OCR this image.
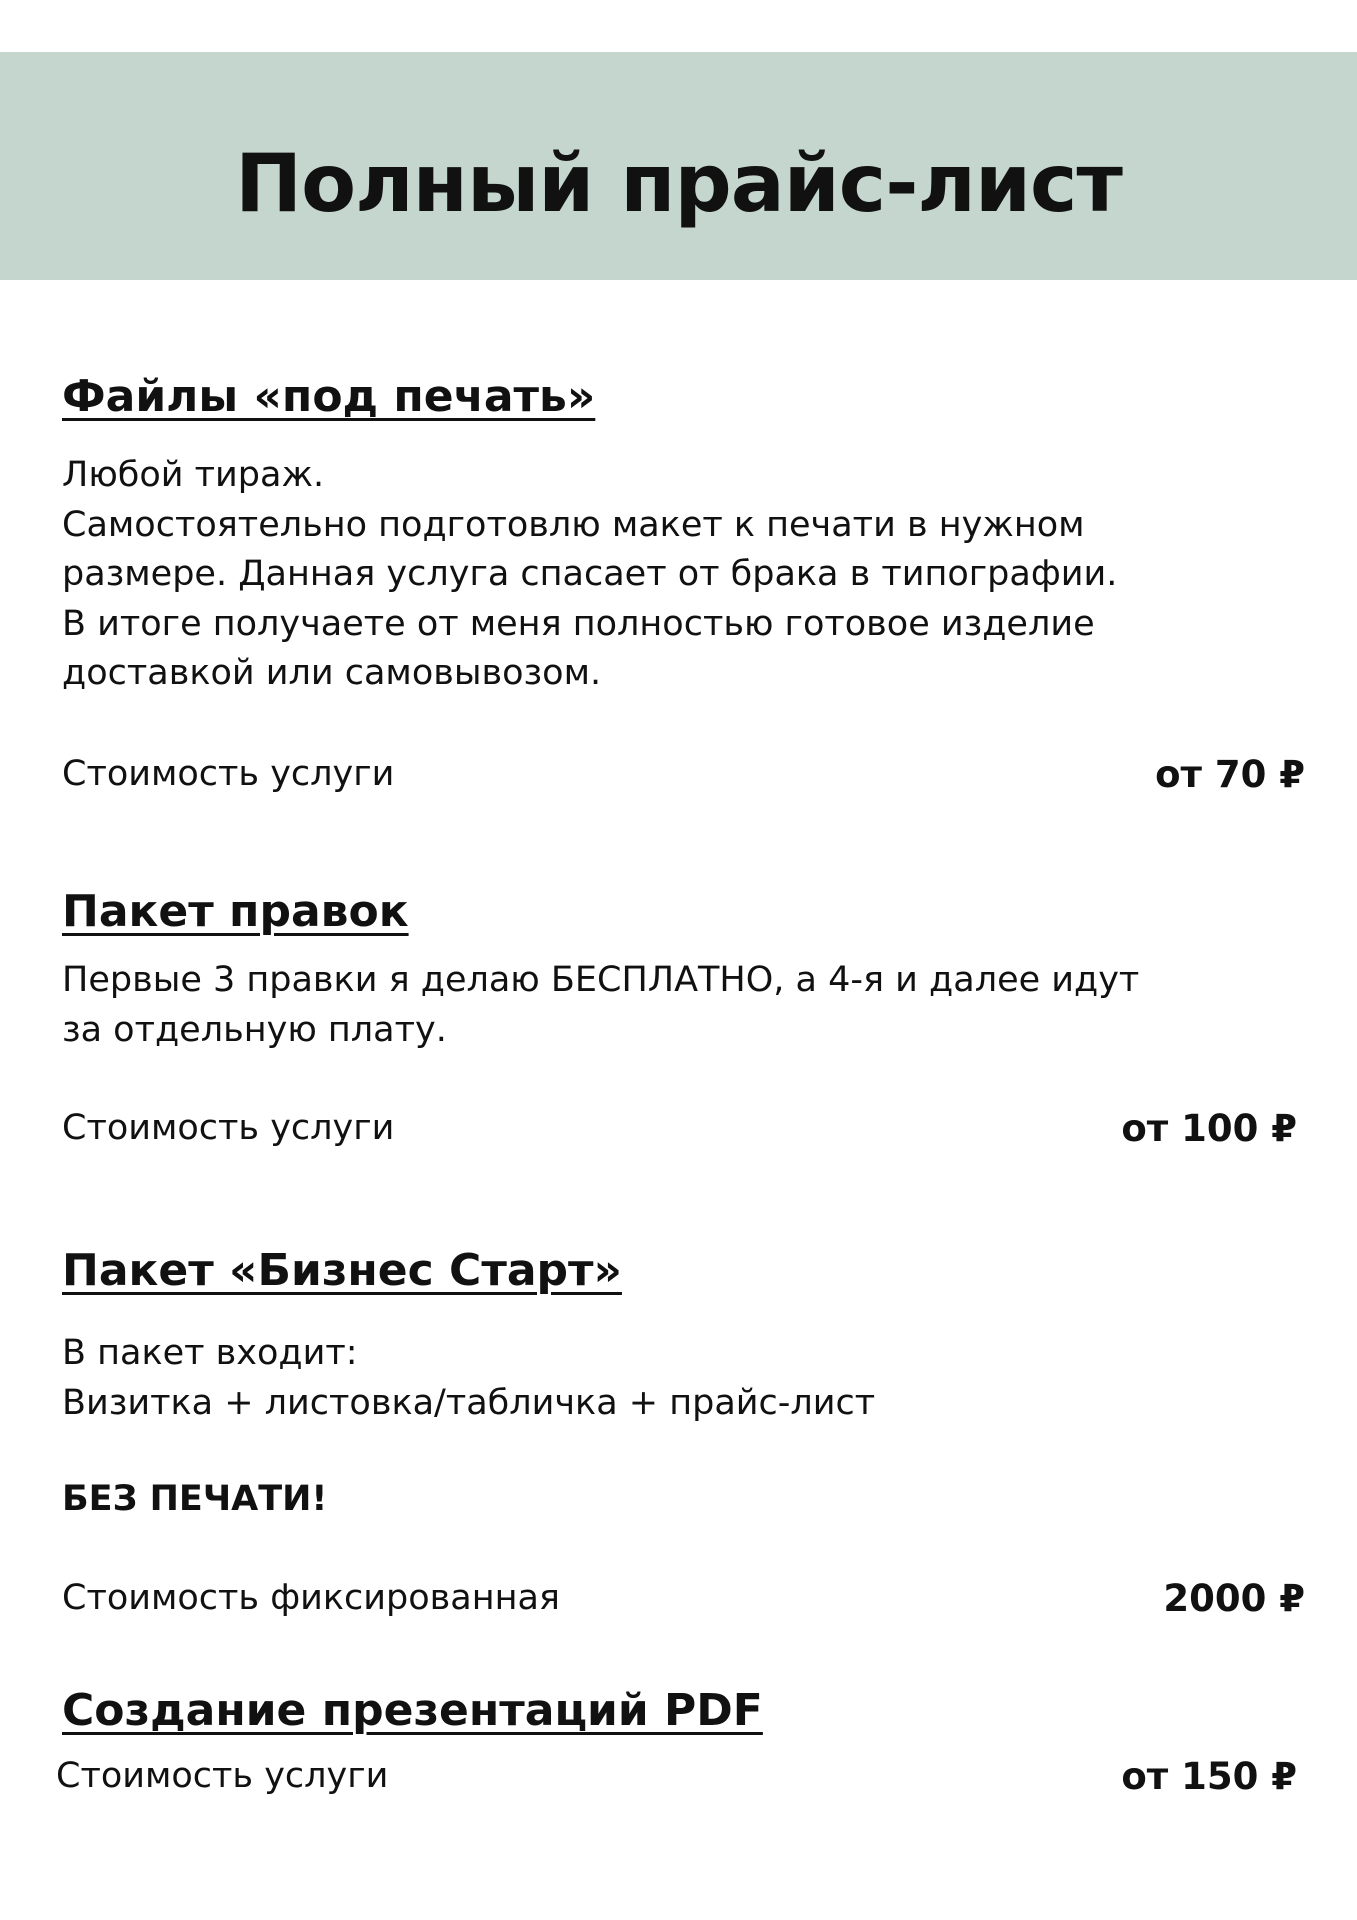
Полный прайс-лист
Файлы «под печать»
Любой тираж.
Самостоятельно подготовлю макет к печати в нужном
размере. Данная услуга спасает от брака в типографии.
В итоге получаете от меня полностью готовое изделие
доставкой или самовывозом.
Стоимость услуги	от 70 ₽
Пакет правок
Первые 3 правки я делаю БЕСПЛАТНО, а 4-я и далее идут
за отдельную плату.
Стоимость услуги	от 100 ₽
Пакет «Бизнес Старт»
В пакет входит:
Визитка + листовка/табличка + прайс-лист
БЕЗ ПЕЧАТИ!
Стоимость фиксированная	2000 ₽
Создание презентаций PDF
Стоимость услуги	от 150 ₽
